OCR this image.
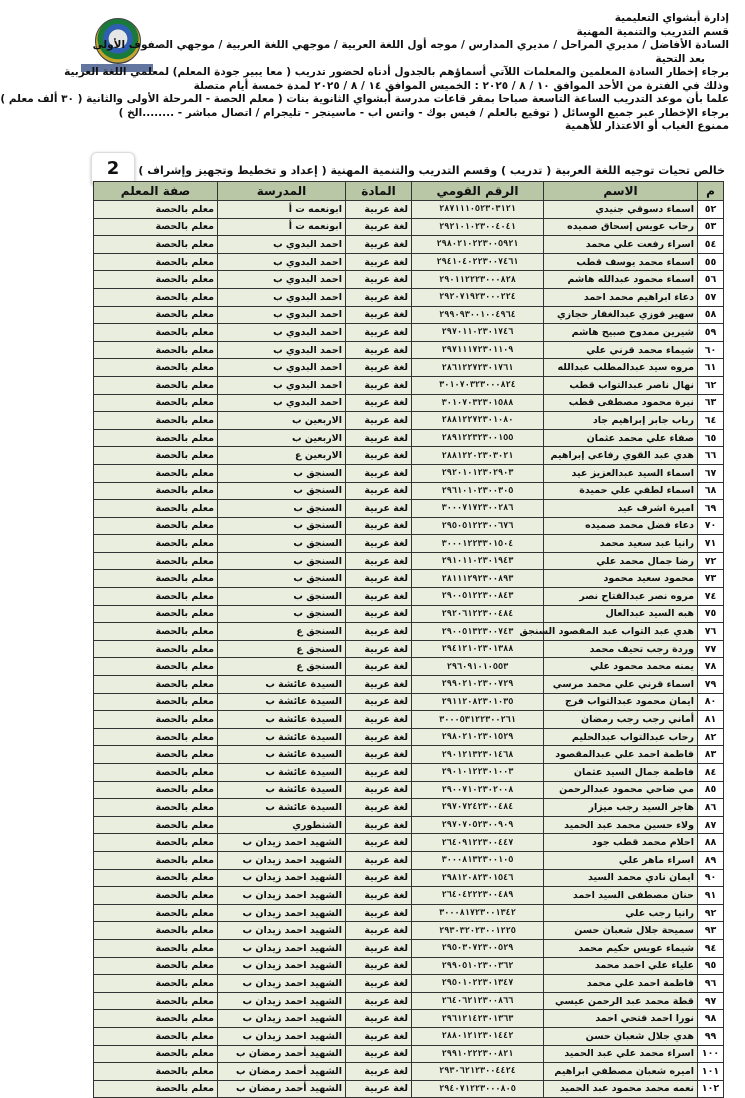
إدارة أبشواي التعليمية
قسم التدريب والتنمية المهنية
السادة الأفاضل / مديري المراحل / مديري المدارس / موجه أول اللغة العربية / موجهي اللغة العربية / موجهي الصفوف الأولى
بعد التحية
برجاء إخطار السادة المعلمين والمعلمات اللآتي أسماؤهم بالجدول أدناه لحضور تدريب ( معا يبير جودة المعلم) لمعلمي اللغة العربية
وذلك في الفترة من الأحد الموافق ١٠ / ٨ / ٢٠٢٥ : الخميس الموافق ١٤ / ٨ / ٢٠٢٥ لمدة خمسة أيام متصلة
علما بأن موعد التدريب الساعة التاسعة صباحا بمقر قاعات مدرسة أبشواي الثانوية بنات ( معلم الحصة - المرحلة الأولى والثانية ( ٣٠ ألف معلم )
برجاء الإخطار عبر جميع الوسائل ( توقيع بالعلم / فيس بوك - واتس اب - ماسينجر - تليجرام / اتصال مباشر - ........الخ )
ممنوع الغياب أو الاعتذار للأهمية
2	خالص تحيات توجيه اللغة العربية ( تدريب ) وقسم التدريب والتنمية المهنية ( إعداد و تخطيط وتجهيز وإشراف )
م	الاسم	الرقم القومي	المادة	المدرسة	صفة المعلم
٥٢	اسماء دسوقي جنيدي	٢٨٧١١١٠٥٢٣٠٣١٢١	لغة عربية	ابونعمه ت أ	معلم بالحصة
٥٣	رحاب عويس إسحاق صميده	٢٩٢١٠١٠٢٣٠٠٤٠٤١	لغة عربية	ابونعمه ت أ	معلم بالحصة
٥٤	اسراء رفعت علي محمد	٢٩٨٠٢١٠٢٢٣٠٠٥٩٢١	لغة عربية	احمد البدوي ب	معلم بالحصة
٥٥	اسماء محمد يوسف قطب	٢٩٤١٠٤٠٢٢٣٠٠٧٤٦١	لغة عربية	احمد البدوي ب	معلم بالحصة
٥٦	اسماء محمود عبدالله هاشم	٢٩٠١١٢٢٢٣٠٠٠٨٢٨	لغة عربية	احمد البدوي ب	معلم بالحصة
٥٧	دعاء ابراهيم محمد احمد	٢٩٢٠٧١٩٢٣٠٠٠٢٢٤	لغة عربية	احمد البدوي ب	معلم بالحصة
٥٨	سهير فوزي عبدالغفار حجازي	٢٩٩٠٩٣٠٠١٠٠٤٩٦٤	لغة عربية	احمد البدوي ب	معلم بالحصة
٥٩	شيرين ممدوح صبيح هاشم	٢٩٧٠١١٠٢٣٠١٧٤٦	لغة عربية	احمد البدوي ب	معلم بالحصة
٦٠	شيماء محمد قرني علي	٢٩٧١١١٧٢٣٠١١٠٩	لغة عربية	احمد البدوي ب	معلم بالحصة
٦١	مروه سيد عبدالمطلب عبدالله	٢٨٦١٢٢٧٢٣٠١٧٦١	لغة عربية	احمد البدوي ب	معلم بالحصة
٦٢	نهال ناصر عبدالتواب قطب	٣٠١٠٧٠٣٢٣٠٠٠٨٢٤	لغة عربية	احمد البدوي ب	معلم بالحصة
٦٣	نيرة محمود مصطفى قطب	٣٠١٠٧٠٣٢٣٠١٥٨٨	لغة عربية	احمد البدوي ب	معلم بالحصة
٦٤	رباب جابر إبراهيم جاد	٢٨٨١٢٢٧٢٣٠١٠٨٠	لغة عربية	الاربعين ب	معلم بالحصة
٦٥	صفاء علي محمد عثمان	٢٨٩١٢٢٣٢٣٠٠١٥٥	لغة عربية	الاربعين ب	معلم بالحصة
٦٦	هدي عبد القوي رفاعي إبراهيم	٢٨٨١٢٢٠٢٣٠٣٠٢١	لغة عربية	الاربعين ع	معلم بالحصة
٦٧	اسماء السيد عبدالعزيز عيد	٢٩٢٠١٠١٢٣٠٢٩٠٣	لغة عربية	السنجق ب	معلم بالحصة
٦٨	اسماء لطفي علي حميدة	٢٩٦١٠١٠٢٣٠٠٣٠٥	لغة عربية	السنجق ب	معلم بالحصة
٦٩	اميرة اشرف عيد	٣٠٠٠٧١٧٢٣٠٠٢٨٦	لغة عربية	السنجق ب	معلم بالحصة
٧٠	دعاء فضل محمد صميده	٢٩٥٠٥١٢٢٣٠٠٦٧٦	لغة عربية	السنجق ب	معلم بالحصة
٧١	رانيا عبد سعيد محمد	٣٠٠٠١٢٢٣٣٠١٥٠٤	لغة عربية	السنجق ب	معلم بالحصة
٧٢	رضا جمال محمد علي	٢٩١٠١١٠٢٣٠١٩٤٣	لغة عربية	السنجق ب	معلم بالحصة
٧٣	محمود سعيد محمود	٢٨١١١٢٩٢٣٠٠٨٩٣	لغة عربية	السنجق ب	معلم بالحصة
٧٤	مروه نصر عبدالفتاح نصر	٢٩٠٠٥١٢٢٣٠٠٨٤٣	لغة عربية	السنجق ب	معلم بالحصة
٧٥	هبه السيد عبدالعال	٢٩٢٠٦١٢٢٣٠٠٤٨٤	لغة عربية	السنجق ب	معلم بالحصة
٧٦	هدي عبد التواب عبد المقصود السنجق	٢٩٠٠٥١٣٢٣٠٠٧٤٣	لغة عربية	السنجق ع	معلم بالحصة
٧٧	وردة رجب تحيف محمد	٢٩٤١٢١٠٢٣٠١٣٨٨	لغة عربية	السنجق ع	معلم بالحصة
٧٨	يمنه محمد محمود علي	٢٩٦٠٩١٠١٠٥٥٣	لغة عربية	السنجق ع	معلم بالحصة
٧٩	اسماء قرني علي محمد مرسي	٢٩٩٠٢١٠٢٣٠٠٧٢٩	لغة عربية	السيدة عائشة ب	معلم بالحصة
٨٠	ايمان محمود عبدالتواب فرج	٢٩١١٢٠٨٢٣٠١٠٣٥	لغة عربية	السيدة عائشة ب	معلم بالحصة
٨١	أماني رجب رجب رمضان	٣٠٠٠٥٣١٢٢٣٠٠٢٦١	لغة عربية	السيدة عائشة ب	معلم بالحصة
٨٢	رحاب عبدالتواب عبدالحليم	٢٩٨٠٢١٠٢٣٠١٥٢٩	لغة عربية	السيدة عائشة ب	معلم بالحصة
٨٣	فاطمة احمد علي عبدالمقصود	٢٩٠١٢١٣٢٣٠١٤٦٨	لغة عربية	السيدة عائشة ب	معلم بالحصة
٨٤	فاطمة جمال السيد عثمان	٢٩٠١٠١٢٢٣٠١٠٠٣	لغة عربية	السيدة عائشة ب	معلم بالحصة
٨٥	مي ضاحي محمود عبدالرحمن	٢٩٠٠٧١٠٢٣٠٢٠٠٨	لغة عربية	السيدة عائشة ب	معلم بالحصة
٨٦	هاجر السيد رجب ميزار	٢٩٧٠٧٢٤٢٣٠٠٤٨٤	لغة عربية	السيدة عائشة ب	معلم بالحصة
٨٧	ولاء حسين محمد عبد الحميد	٢٩٧٠٧٠٥٢٣٠٠٩٠٩	لغة عربية	الشنطوري	معلم بالحصة
٨٨	احلام محمد قطب جود	٢٦٤٠٩١٢٢٣٠٠٤٤٧	لغة عربية	الشهيد احمد زيدان ب	معلم بالحصة
٨٩	اسراء ماهر علي	٣٠٠٠٨١٣٢٣٠٠١٠٥	لغة عربية	الشهيد احمد زيدان ب	معلم بالحصة
٩٠	ايمان نادي محمد السيد	٢٩٨١٢٠٨٢٣٠١٥٤٦	لغة عربية	الشهيد احمد زيدان ب	معلم بالحصة
٩١	حنان مصطفى السيد احمد	٢٦٤٠٤٢٢٢٣٠٠٤٨٩	لغة عربية	الشهيد احمد زيدان ب	معلم بالحصة
٩٢	رانيا رجب علي	٣٠٠٠٨١٧٢٣٠٠١٣٤٢	لغة عربية	الشهيد احمد زيدان ب	معلم بالحصة
٩٣	سميحة جلال شعبان حسن	٢٩٣٠٣٢٠٢٣٠٠١٢٢٥	لغة عربية	الشهيد احمد زيدان ب	معلم بالحصة
٩٤	شيماء عويس حكيم محمد	٢٩٥٠٣٠٧٢٣٠٠٥٢٩	لغة عربية	الشهيد احمد زيدان ب	معلم بالحصة
٩٥	علياء علي احمد محمد	٢٩٩٠٥١٠٢٣٠٠٣٦٢	لغة عربية	الشهيد احمد زيدان ب	معلم بالحصة
٩٦	فاطمة احمد علي محمد	٢٩٥٠١٠٢٢٣٠١٣٤٧	لغة عربية	الشهيد احمد زيدان ب	معلم بالحصة
٩٧	قطة محمد عبد الرحمن عيسي	٢٦٤٠٦٢١٢٣٠٠٨٦٦	لغة عربية	الشهيد احمد زيدان ب	معلم بالحصة
٩٨	نورا احمد فتحي احمد	٢٩٦١٢١٤٢٣٠١٣٦٣	لغة عربية	الشهيد احمد زيدان ب	معلم بالحصة
٩٩	هدي جلال شعبان حسن	٢٨٨٠١٢١٢٣٠١٤٤٢	لغة عربية	الشهيد احمد زيدان ب	معلم بالحصة
١٠٠	اسراء محمد علي عبد الحميد	٢٩٩١٠٢٢٢٣٠٠٨٢١	لغة عربية	الشهيد أحمد رمضان ب	معلم بالحصة
١٠١	اميره شعبان مصطفي ابراهيم	٢٩٣٠٦٢١٢٣٠٠٤٤٢٤	لغة عربية	الشهيد أحمد رمضان ب	معلم بالحصة
١٠٢	نعمه محمد محمود عبد الحميد	٢٩٤٠٧١٢٢٣٠٠٠٨٠٥	لغة عربية	الشهيد أحمد رمضان ب	معلم بالحصة
